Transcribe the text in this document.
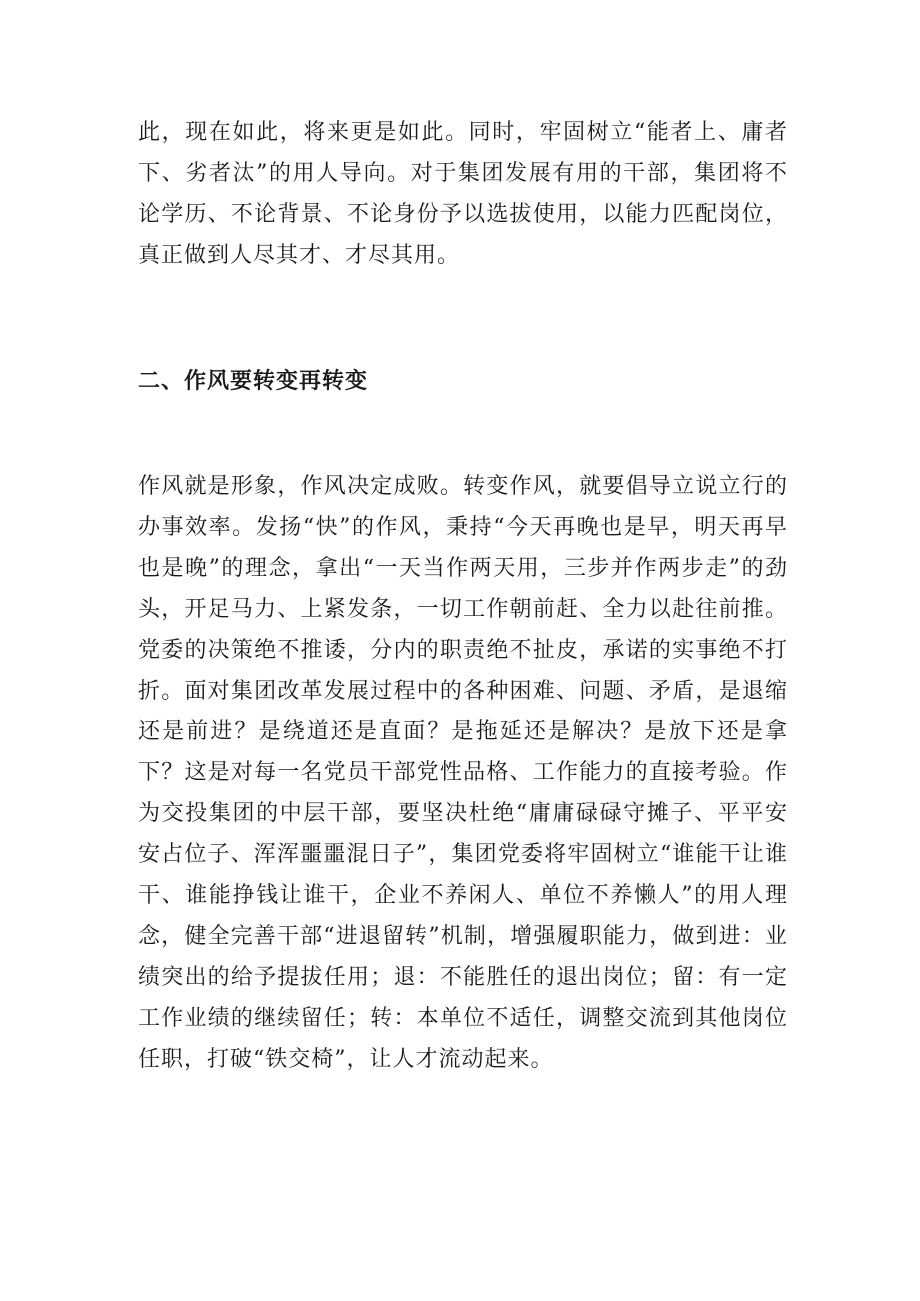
此，现在如此，将来更是如此。同时，牢固树立“能者上、庸者下、劣者汰”的用人导向。对于集团发展有用的干部，集团将不论学历、不论背景、不论身份予以选拔使用，以能力匹配岗位，真正做到人尽其才、才尽其用。

二、作风要转变再转变

作风就是形象，作风决定成败。转变作风，就要倡导立说立行的办事效率。发扬“快”的作风，秉持“今天再晚也是早，明天再早也是晚”的理念，拿出“一天当作两天用，三步并作两步走”的劲头，开足马力、上紧发条，一切工作朝前赶、全力以赴往前推。党委的决策绝不推诿，分内的职责绝不扯皮，承诺的实事绝不打折。面对集团改革发展过程中的各种困难、问题、矛盾，是退缩还是前进？是绕道还是直面？是拖延还是解决？是放下还是拿下？这是对每一名党员干部党性品格、工作能力的直接考验。作为交投集团的中层干部，要坚决杜绝“庸庸碌碌守摊子、平平安安占位子、浑浑噩噩混日子”，集团党委将牢固树立“谁能干让谁干、谁能挣钱让谁干，企业不养闲人、单位不养懒人”的用人理念，健全完善干部“进退留转”机制，增强履职能力，做到进：业绩突出的给予提拔任用；退：不能胜任的退出岗位；留：有一定工作业绩的继续留任；转：本单位不适任，调整交流到其他岗位任职，打破“铁交椅”，让人才流动起来。
